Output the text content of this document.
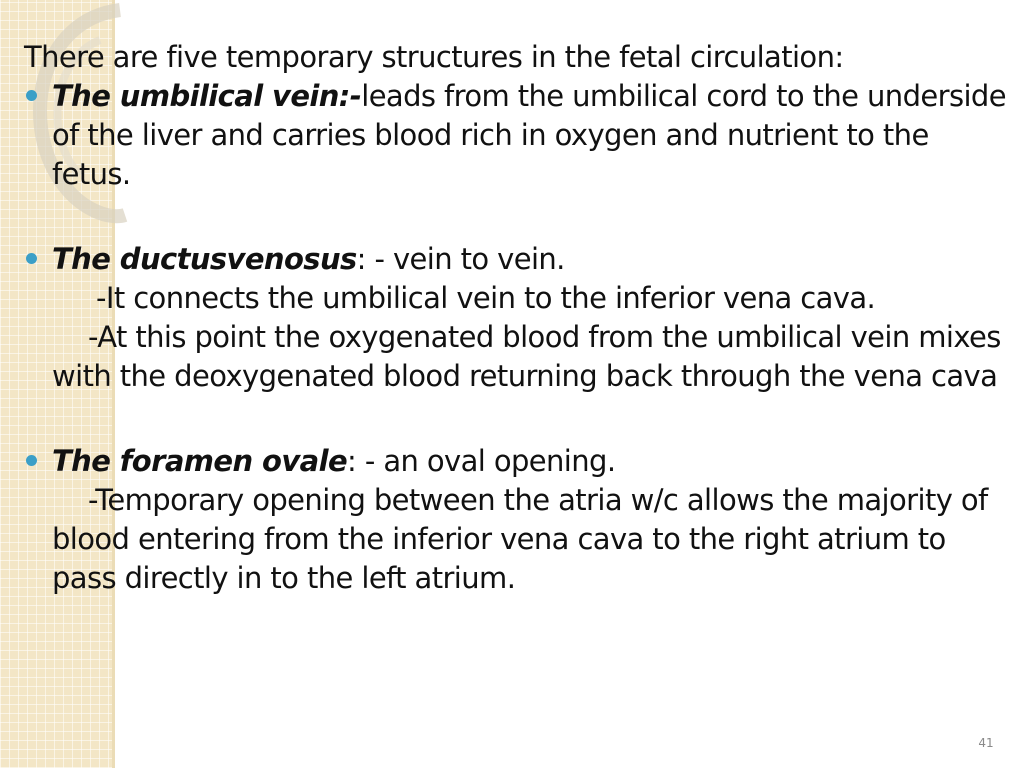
There are five temporary structures in the fetal circulation:
The umbilical vein:-leads from the umbilical cord to the underside of the liver and carries blood rich in oxygen and nutrient to the fetus.
The ductusvenosus: - vein to vein.
-It connects the umbilical vein to the inferior vena cava.
-At this point the oxygenated blood from the umbilical vein mixes with the deoxygenated blood returning back through the vena cava
The foramen ovale: - an oval opening.
-Temporary opening between the atria w/c allows the majority of blood entering from the inferior vena cava to the right atrium to pass directly in to the left atrium.
41
